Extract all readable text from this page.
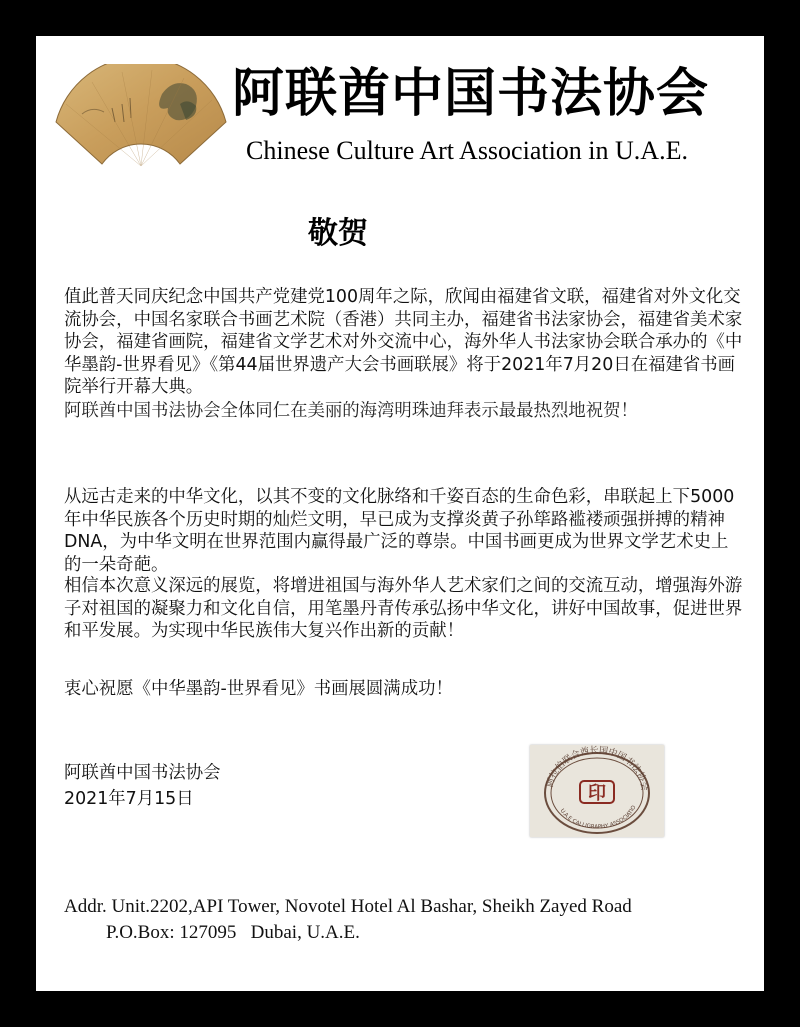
阿联酋中国书法协会
Chinese Culture Art Association in U.A.E.
敬贺

值此普天同庆纪念中国共产党建党100周年之际，欣闻由福建省文联，福建省对外文化交流协会，中国名家联合书画艺术院（香港）共同主办，福建省书法家协会，福建省美术家协会，福建省画院，福建省文学艺术对外交流中心，海外华人书法家协会联合承办的《中华墨韵-世界看见》《第44届世界遗产大会书画联展》将于2021年7月20日在福建省书画院举行开幕大典。

阿联酋中国书法协会全体同仁在美丽的海湾明珠迪拜表示最最热烈地祝贺！

从远古走来的中华文化，以其不变的文化脉络和千姿百态的生命色彩，串联起上下5000年中华民族各个历史时期的灿烂文明，早已成为支撑炎黄子孙筚路褴褛顽强拼搏的精神DNA，为中华文明在世界范围内赢得最广泛的尊崇。中国书画更成为世界文学艺术史上的一朵奇葩。

相信本次意义深远的展览，将增进祖国与海外华人艺术家们之间的交流互动，增强海外游子对祖国的凝聚力和文化自信，用笔墨丹青传承弘扬中华文化，讲好中国故事，促进世界和平发展。为实现中华民族伟大复兴作出新的贡献！

衷心祝愿《中华墨韵-世界看见》书画展圆满成功！

阿联酋中国书法协会
2021年7月15日
阿拉伯联合酋长国中国书法协会
U.A.E CALLIGRAPHY ASSOCIATIO
印
Addr. Unit.2202,API Tower, Novotel Hotel Al Bashar, Sheikh Zayed Road
P.O.Box: 127095   Dubai, U.A.E.
